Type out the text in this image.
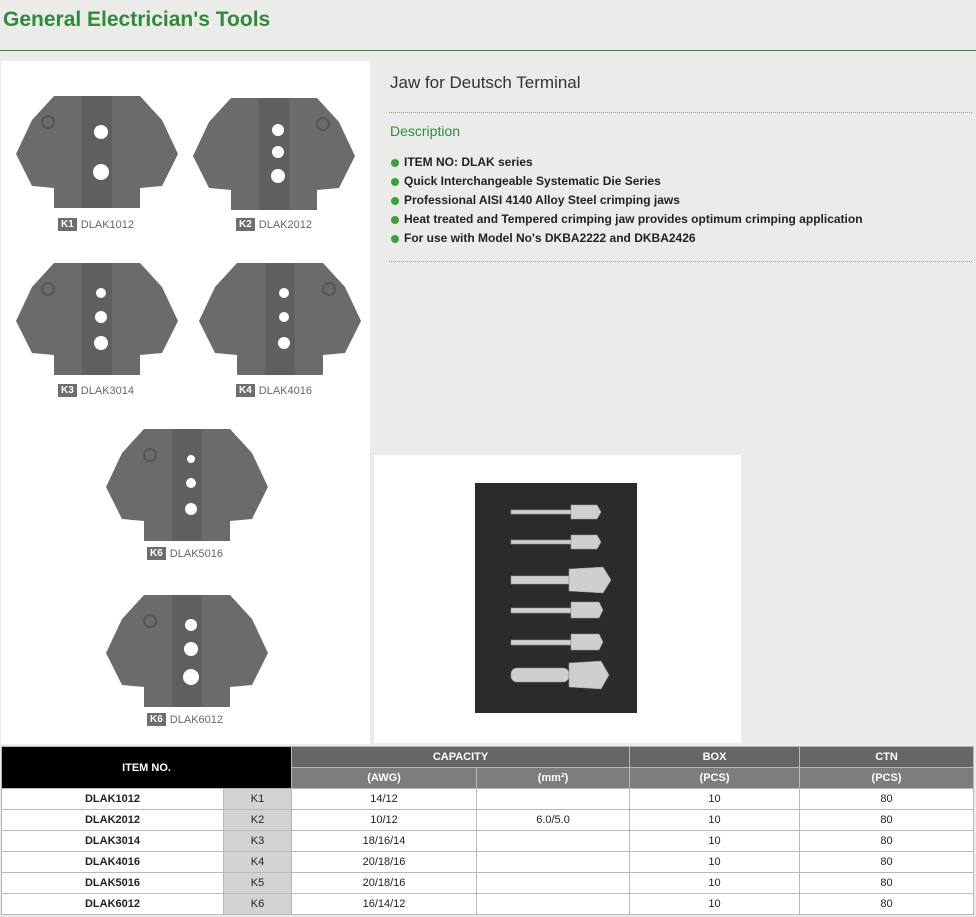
General Electrician's Tools
K1 DLAK1012	K2 DLAK2012
K3 DLAK3014	K4 DLAK4016
K6 DLAK5016
K6 DLAK6012
Jaw for Deutsch Terminal
Description
ITEM NO: DLAK series
Quick Interchangeable Systematic Die Series
Professional AISI 4140 Alloy Steel crimping jaws
Heat treated and Tempered crimping jaw provides optimum crimping application
For use with Model No's DKBA2222 and DKBA2426
ITEM NO.		CAPACITY		BOX	CTN
		(AWG)	(mm²)	(PCS)	(PCS)
DLAK1012	K1	14/12		10	80
DLAK2012	K2	10/12	6.0/5.0	10	80
DLAK3014	K3	18/16/14		10	80
DLAK4016	K4	20/18/16		10	80
DLAK5016	K5	20/18/16		10	80
DLAK6012	K6	16/14/12		10	80
